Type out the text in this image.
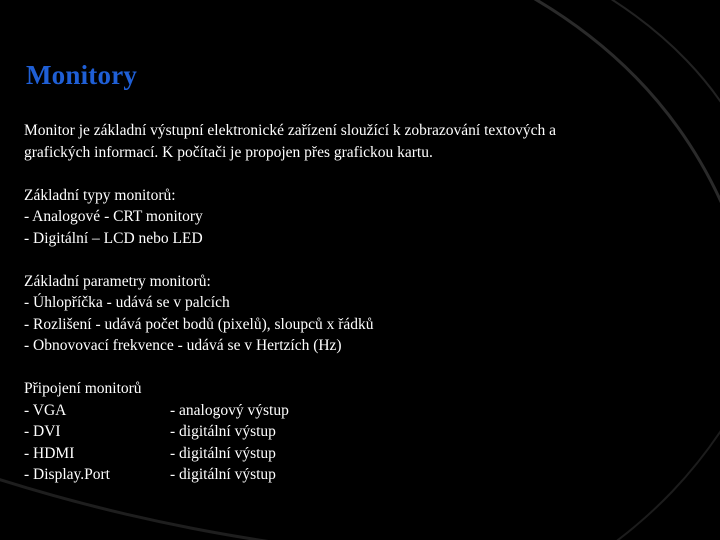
Monitory

Monitor je základní výstupní elektronické zařízení sloužící k zobrazování textových a
grafických informací. K počítači je propojen přes grafickou kartu.

Základní typy monitorů:
- Analogové - CRT monitory
- Digitální – LCD nebo LED
Základní parametry monitorů:
- Úhlopříčka - udává se v palcích
- Rozlišení - udává počet bodů (pixelů), sloupců x řádků
- Obnovovací frekvence - udává se v Hertzích (Hz)
Připojení monitorů
- VGA	- analogový výstup
- DVI	- digitální výstup
- HDMI	- digitální výstup
- Display.Port	- digitální výstup
